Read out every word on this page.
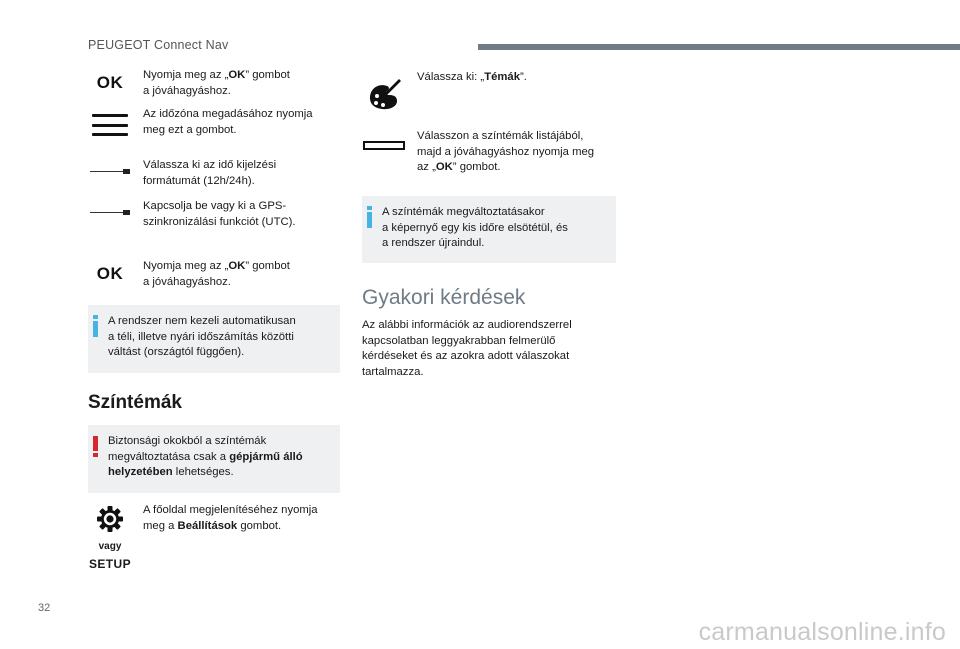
PEUGEOT Connect Nav
OK Nyomja meg az „OK” gombot
a jóváhagyáshoz.
Az időzóna megadásához nyomja
meg ezt a gombot.
Válassza ki az idő kijelzési
formátumát (12h/24h).
Kapcsolja be vagy ki a GPS-
szinkronizálási funkciót (UTC).
OK Nyomja meg az „OK” gombot
a jóváhagyáshoz.
A rendszer nem kezeli automatikusan
a téli, illetve nyári időszámítás közötti
váltást (országtól függően).
Színtémák
Biztonsági okokból a színtémák
megváltoztatása csak a gépjármű álló
helyzetében lehetséges.
vagy
SETUP
A főoldal megjelenítéséhez nyomja
meg a Beállítások gombot.
Válassza ki: „Témák”.
Válasszon a színtémák listájából,
majd a jóváhagyáshoz nyomja meg
az „OK” gombot.
A színtémák megváltoztatásakor
a képernyő egy kis időre elsötétül, és
a rendszer újraindul.
Gyakori kérdések
Az alábbi információk az audiorendszerrel
kapcsolatban leggyakrabban felmerülő
kérdéseket és az azokra adott válaszokat
tartalmazza.
32
carmanualsonline.info
